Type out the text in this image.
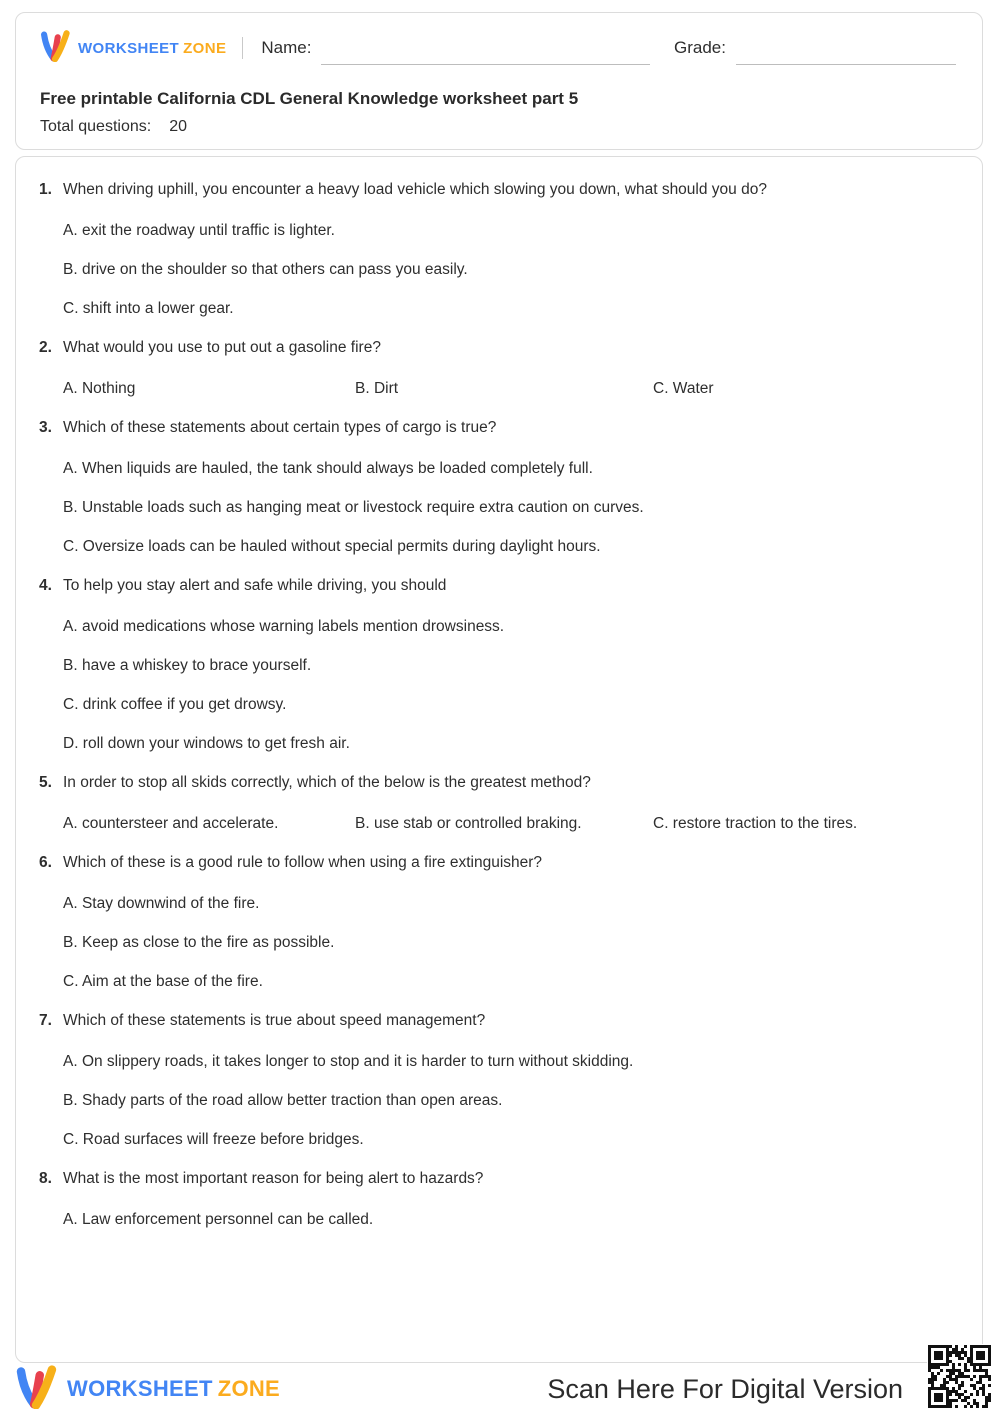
WORKSHEET ZONE Name:	Grade:
Free printable California CDL General Knowledge worksheet part 5
Total questions: 20
1. When driving uphill, you encounter a heavy load vehicle which slowing you down, what should you do?
A. exit the roadway until traffic is lighter.
B. drive on the shoulder so that others can pass you easily.
C. shift into a lower gear.
2. What would you use to put out a gasoline fire?
A. Nothing	B. Dirt	C. Water
3. Which of these statements about certain types of cargo is true?
A. When liquids are hauled, the tank should always be loaded completely full.
B. Unstable loads such as hanging meat or livestock require extra caution on curves.
C. Oversize loads can be hauled without special permits during daylight hours.
4. To help you stay alert and safe while driving, you should
A. avoid medications whose warning labels mention drowsiness.
B. have a whiskey to brace yourself.
C. drink coffee if you get drowsy.
D. roll down your windows to get fresh air.
5. In order to stop all skids correctly, which of the below is the greatest method?
A. countersteer and accelerate.	B. use stab or controlled braking.	C. restore traction to the tires.
6. Which of these is a good rule to follow when using a fire extinguisher?
A. Stay downwind of the fire.
B. Keep as close to the fire as possible.
C. Aim at the base of the fire.
7. Which of these statements is true about speed management?
A. On slippery roads, it takes longer to stop and it is harder to turn without skidding.
B. Shady parts of the road allow better traction than open areas.
C. Road surfaces will freeze before bridges.
8. What is the most important reason for being alert to hazards?
A. Law enforcement personnel can be called.
WORKSHEET ZONE	Scan Here For Digital Version
